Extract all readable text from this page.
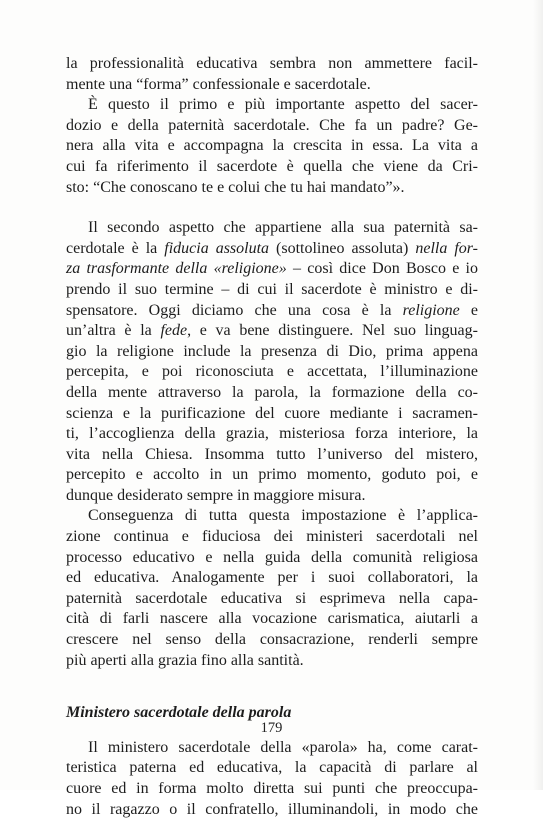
la professionalità educativa sembra non ammettere facil-
mente una “forma” confessionale e sacerdotale.
È questo il primo e più importante aspetto del sacer-
dozio e della paternità sacerdotale. Che fa un padre? Ge-
nera alla vita e accompagna la crescita in essa. La vita a
cui fa riferimento il sacerdote è quella che viene da Cri-
sto: “Che conoscano te e colui che tu hai mandato”».
Il secondo aspetto che appartiene alla sua paternità sa-
cerdotale è la fiducia assoluta (sottolineo assoluta) nella for-
za trasformante della «religione» – così dice Don Bosco e io
prendo il suo termine – di cui il sacerdote è ministro e di-
spensatore. Oggi diciamo che una cosa è la religione e
un’altra è la fede, e va bene distinguere. Nel suo linguag-
gio la religione include la presenza di Dio, prima appena
percepita, e poi riconosciuta e accettata, l’illuminazione
della mente attraverso la parola, la formazione della co-
scienza e la purificazione del cuore mediante i sacramen-
ti, l’accoglienza della grazia, misteriosa forza interiore, la
vita nella Chiesa. Insomma tutto l’universo del mistero,
percepito e accolto in un primo momento, goduto poi, e
dunque desiderato sempre in maggiore misura.
Conseguenza di tutta questa impostazione è l’applica-
zione continua e fiduciosa dei ministeri sacerdotali nel
processo educativo e nella guida della comunità religiosa
ed educativa. Analogamente per i suoi collaboratori, la
paternità sacerdotale educativa si esprimeva nella capa-
cità di farli nascere alla vocazione carismatica, aiutarli a
crescere nel senso della consacrazione, renderli sempre
più aperti alla grazia fino alla santità.
Ministero sacerdotale della parola
Il ministero sacerdotale della «parola» ha, come carat-
teristica paterna ed educativa, la capacità di parlare al
cuore ed in forma molto diretta sui punti che preoccupa-
no il ragazzo o il confratello, illuminandoli, in modo che
179
